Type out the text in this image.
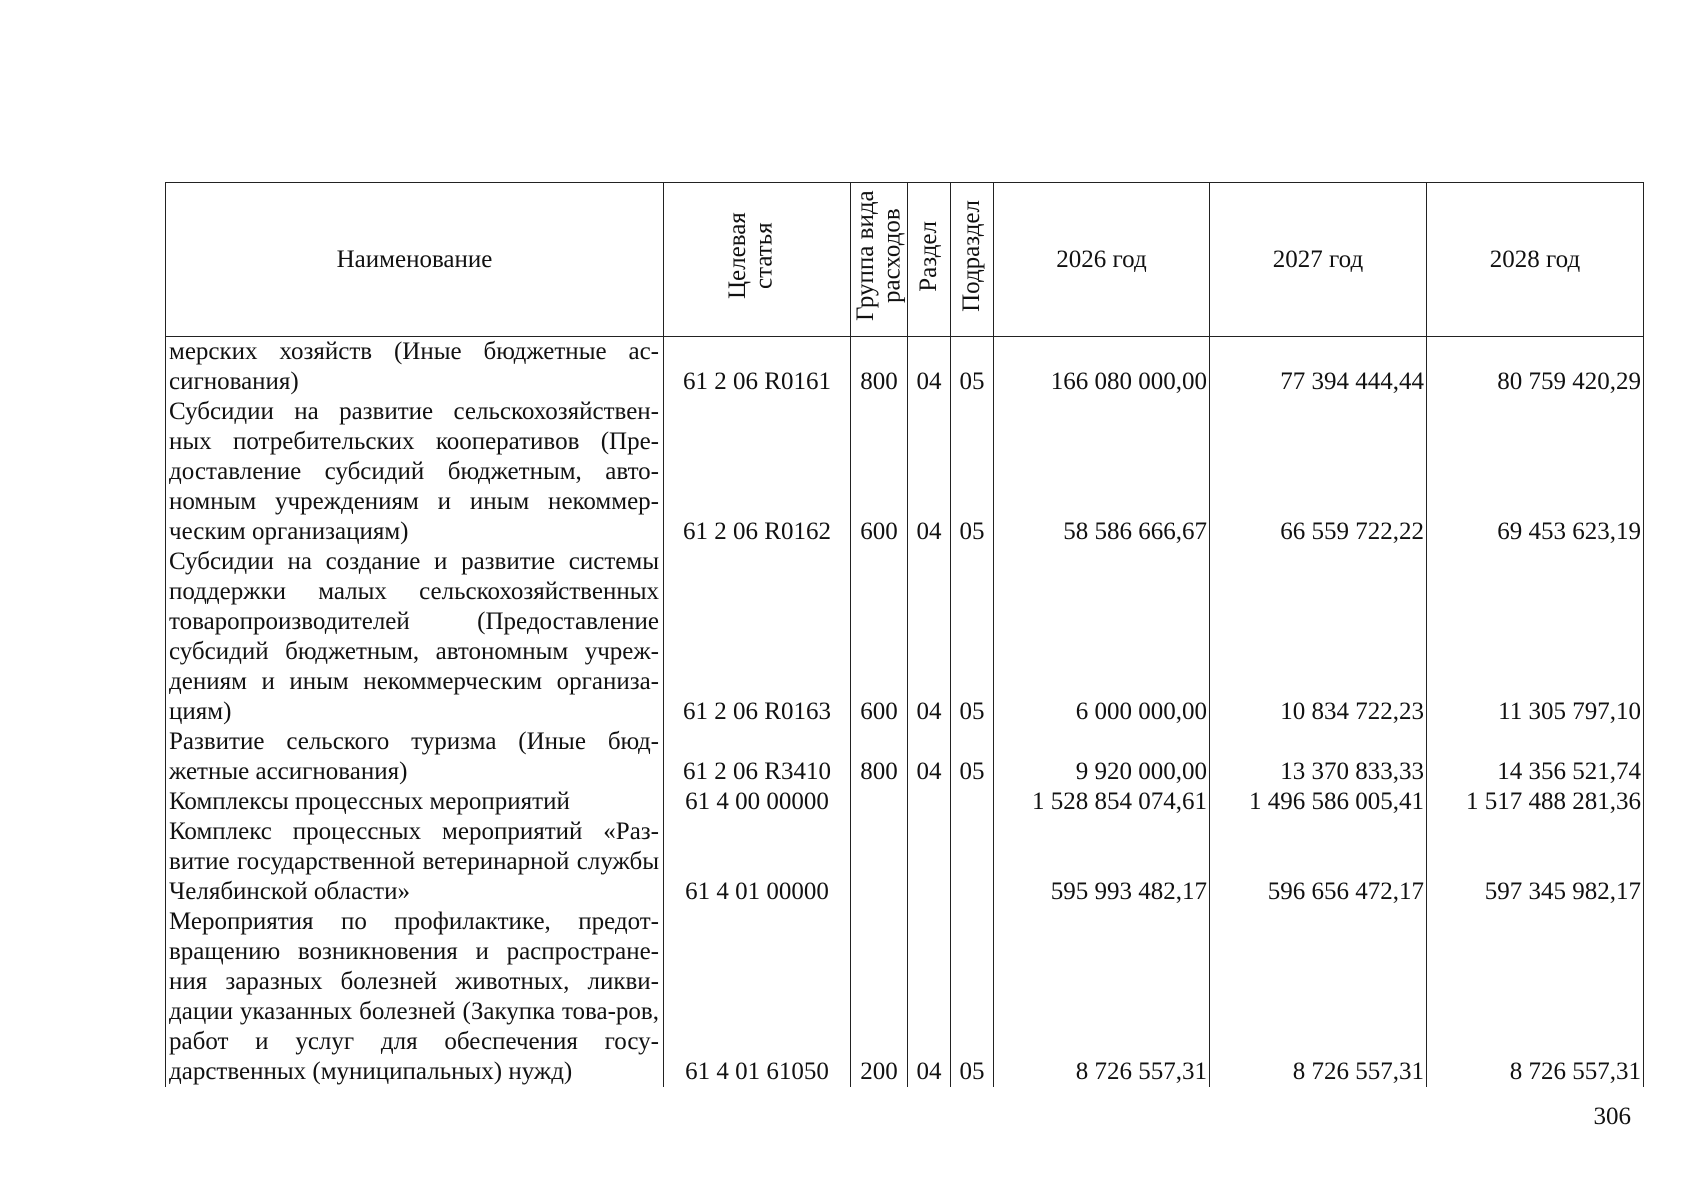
Наименование	Целевая статья	Группа вида расходов	Раздел	Подраздел	2026 год	2027 год	2028 год
мерских хозяйств (Иные бюджетные ас-сигнования)	61 2 06 R0161	800	04	05	166 080 000,00	77 394 444,44	80 759 420,29
Субсидии на развитие сельскохозяйствен-ных потребительских кооперативов (Пре-доставление субсидий бюджетным, авто-номным учреждениям и иным некоммер-ческим организациям)	61 2 06 R0162	600	04	05	58 586 666,67	66 559 722,22	69 453 623,19
Субсидии на создание и развитие системы поддержки малых сельскохозяйственных товаропроизводителей (Предоставление субсидий бюджетным, автономным учреж-дениям и иным некоммерческим организа-циям)	61 2 06 R0163	600	04	05	6 000 000,00	10 834 722,23	11 305 797,10
Развитие сельского туризма (Иные бюд-жетные ассигнования)	61 2 06 R3410	800	04	05	9 920 000,00	13 370 833,33	14 356 521,74
Комплексы процессных мероприятий	61 4 00 00000				1 528 854 074,61	1 496 586 005,41	1 517 488 281,36
Комплекс процессных мероприятий «Раз-витие государственной ветеринарной службы Челябинской области»	61 4 01 00000				595 993 482,17	596 656 472,17	597 345 982,17
Мероприятия по профилактике, предот-вращению возникновения и распростране-ния заразных болезней животных, ликви-дации указанных болезней (Закупка това-ров, работ и услуг для обеспечения госу-дарственных (муниципальных) нужд)	61 4 01 61050	200	04	05	8 726 557,31	8 726 557,31	8 726 557,31
306
